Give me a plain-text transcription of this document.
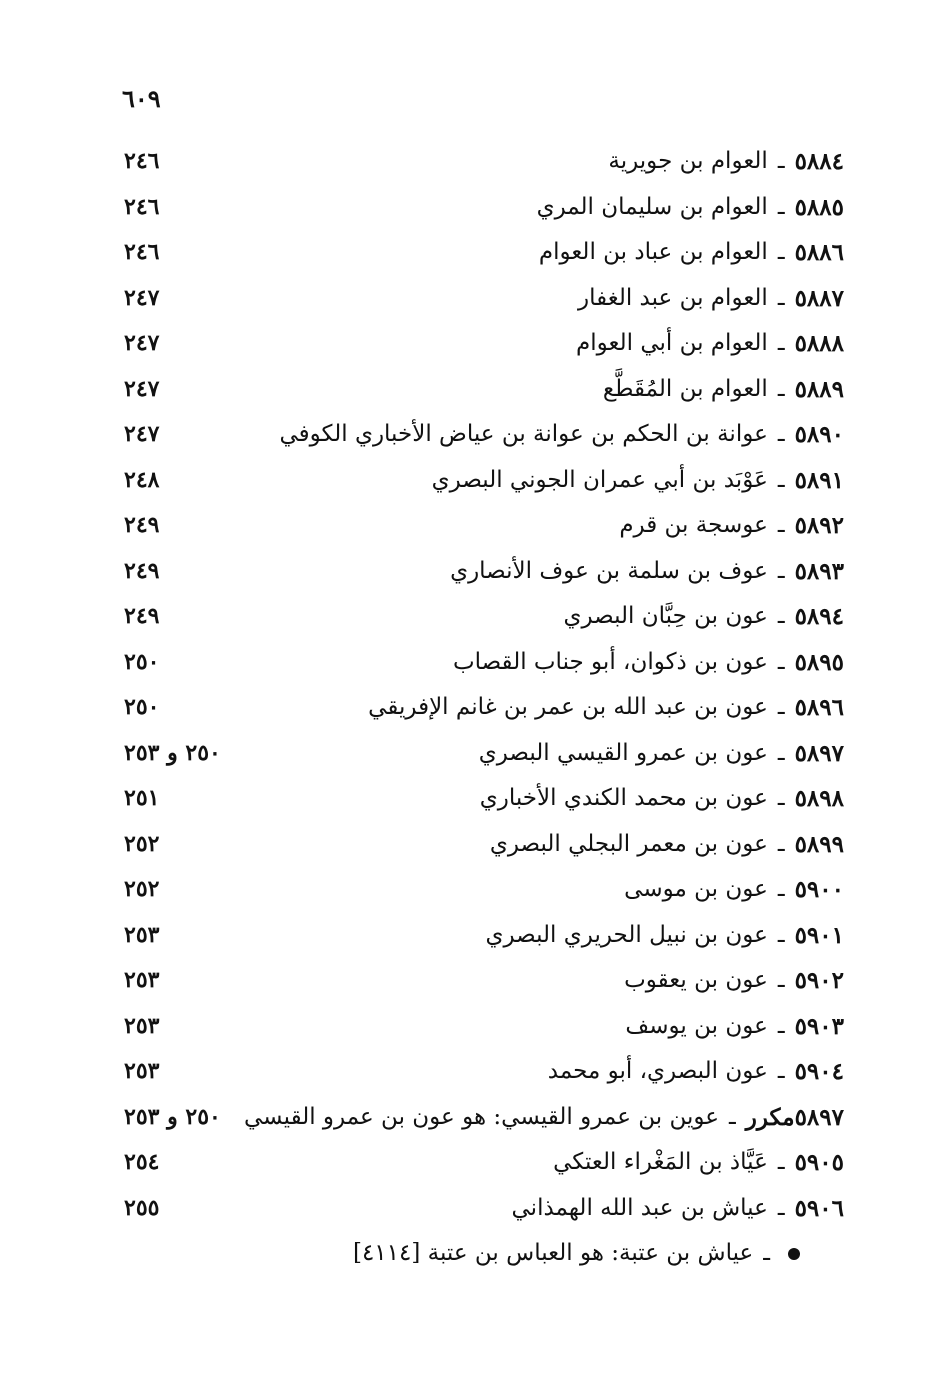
٦٠٩
٥٨٨٤
ـ
العوام بن جويرية
٢٤٦
٥٨٨٥
ـ
العوام بن سليمان المري
٢٤٦
٥٨٨٦
ـ
العوام بن عباد بن العوام
٢٤٦
٥٨٨٧
ـ
العوام بن عبد الغفار
٢٤٧
٥٨٨٨
ـ
العوام بن أبي العوام
٢٤٧
٥٨٨٩
ـ
العوام بن المُقَطَّع
٢٤٧
٥٨٩٠
ـ
عوانة بن الحكم بن عوانة بن عياض الأخباري الكوفي
٢٤٧
٥٨٩١
ـ
عَوْبَد بن أبي عمران الجوني البصري
٢٤٨
٥٨٩٢
ـ
عوسجة بن قرم
٢٤٩
٥٨٩٣
ـ
عوف بن سلمة بن عوف الأنصاري
٢٤٩
٥٨٩٤
ـ
عون بن حِبَّان البصري
٢٤٩
٥٨٩٥
ـ
عون بن ذكوان، أبو جناب القصاب
٢٥٠
٥٨٩٦
ـ
عون بن عبد الله بن عمر بن غانم الإفريقي
٢٥٠
٥٨٩٧
ـ
عون بن عمرو القيسي البصري
٢٥٠ و ٢٥٣
٥٨٩٨
ـ
عون بن محمد الكندي الأخباري
٢٥١
٥٨٩٩
ـ
عون بن معمر البجلي البصري
٢٥٢
٥٩٠٠
ـ
عون بن موسى
٢٥٢
٥٩٠١
ـ
عون بن نبيل الحريري البصري
٢٥٣
٥٩٠٢
ـ
عون بن يعقوب
٢٥٣
٥٩٠٣
ـ
عون بن يوسف
٢٥٣
٥٩٠٤
ـ
عون البصري، أبو محمد
٢٥٣
٥٨٩٧مكرر
ـ
عوين بن عمرو القيسي: هو عون بن عمرو القيسي
٢٥٠ و ٢٥٣
٥٩٠٥
ـ
عَيَّاذ بن المَغْراء العتكي
٢٥٤
٥٩٠٦
ـ
عياش بن عبد الله الهمذاني
٢٥٥
ـ
عياش بن عتبة: هو العباس بن عتبة [٤١١٤]
